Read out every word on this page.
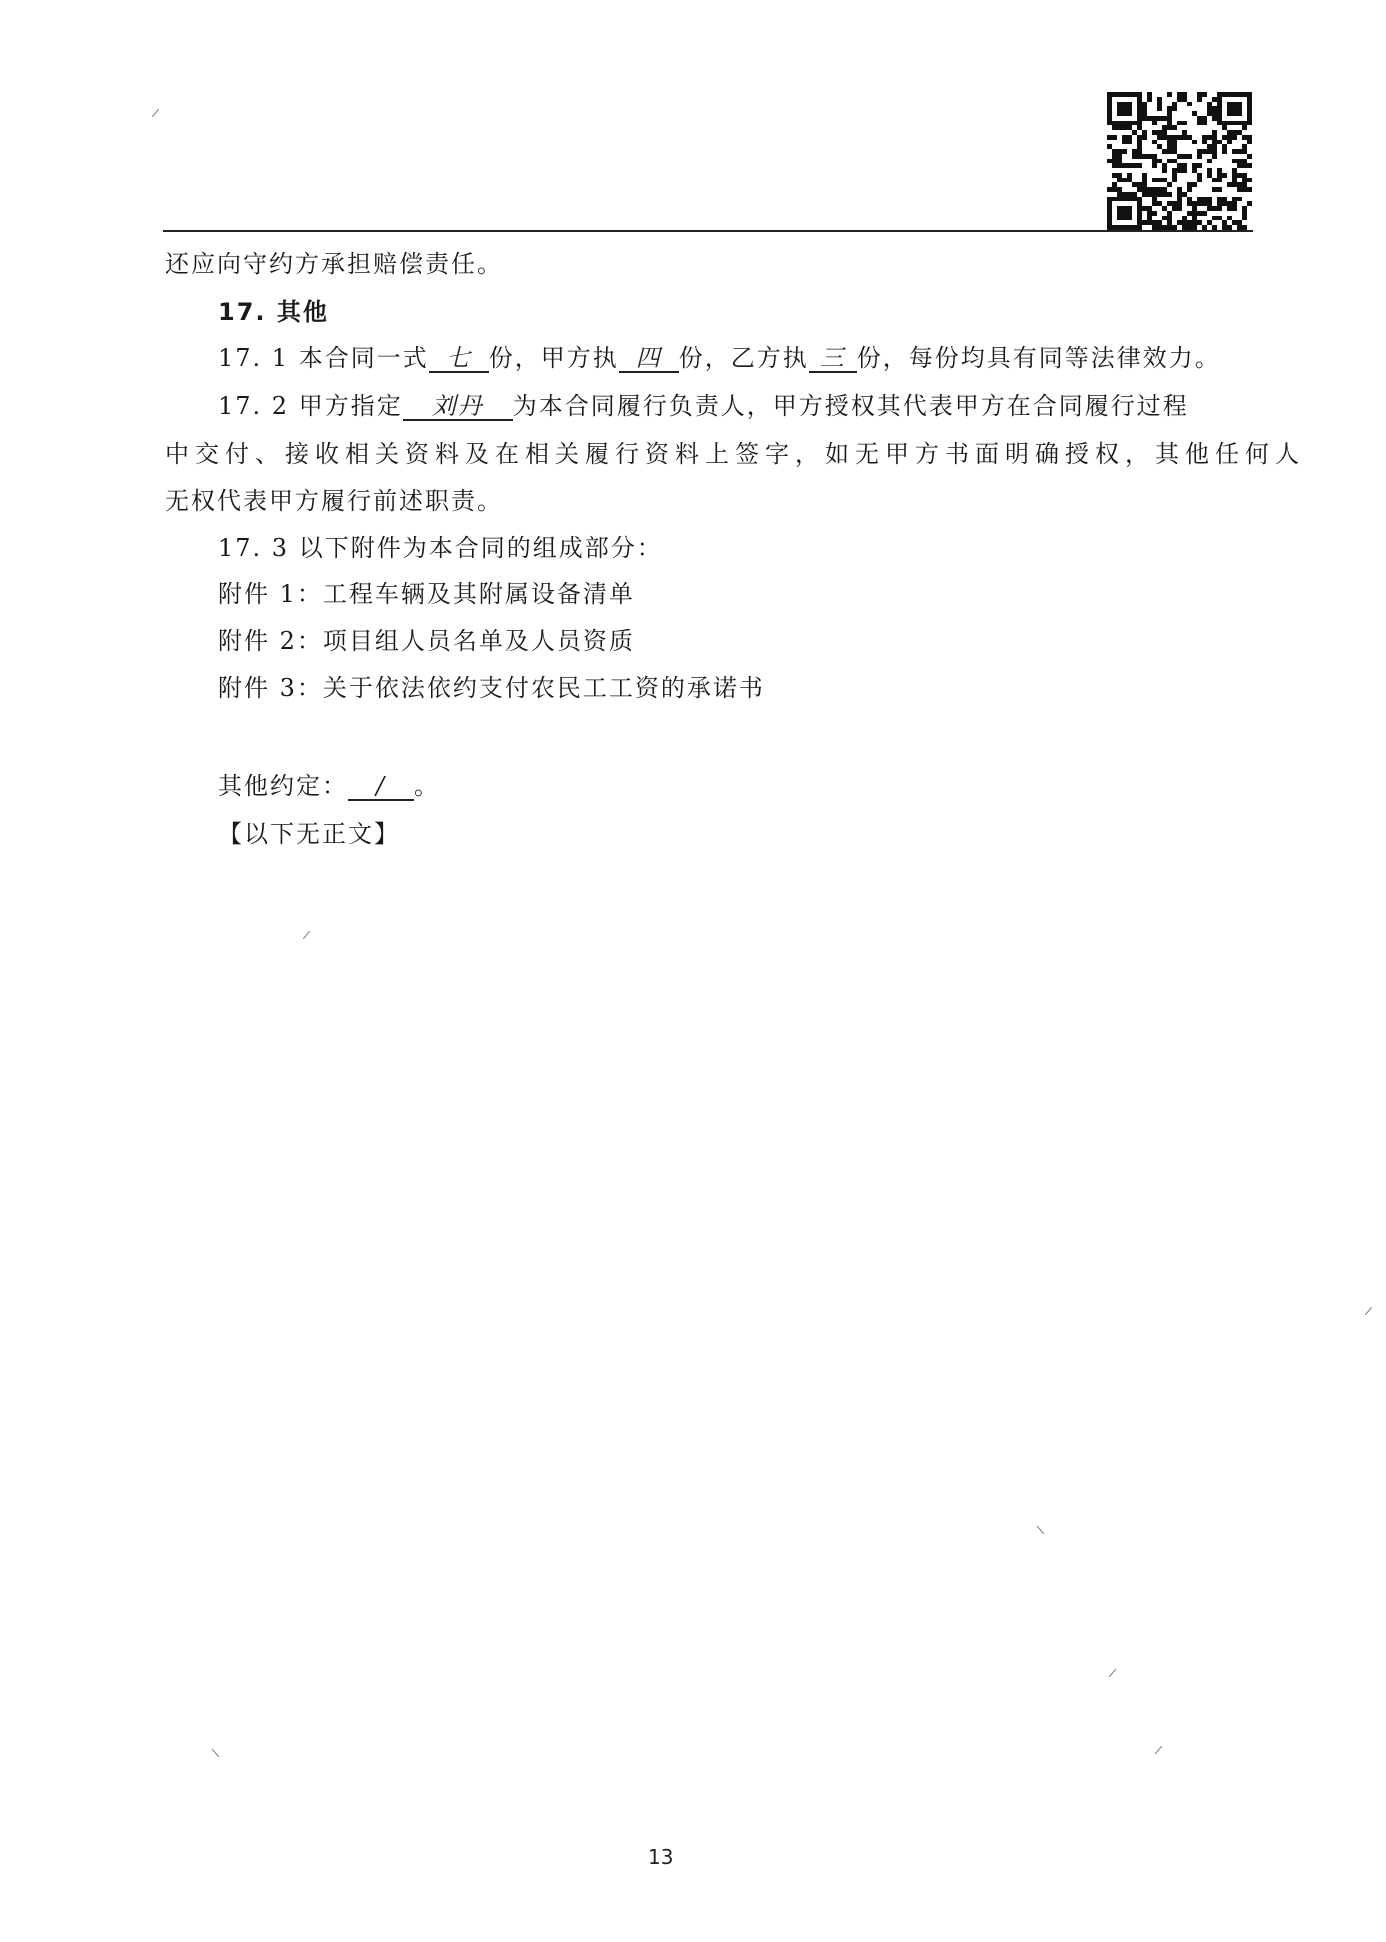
还应向守约方承担赔偿责任。
17. 其他
17. 1 本合同一式 七 份，甲方执 四 份，乙方执 三 份，每份均具有同等法律效力。
17. 2 甲方指定 刘丹 为本合同履行负责人，甲方授权其代表甲方在合同履行过程
中交付、接收相关资料及在相关履行资料上签字，如无甲方书面明确授权，其他任何人
无权代表甲方履行前述职责。
17. 3 以下附件为本合同的组成部分：
附件 1：工程车辆及其附属设备清单
附件 2：项目组人员名单及人员资质
附件 3：关于依法依约支付农民工工资的承诺书
其他约定： / 。
【以下无正文】
13
